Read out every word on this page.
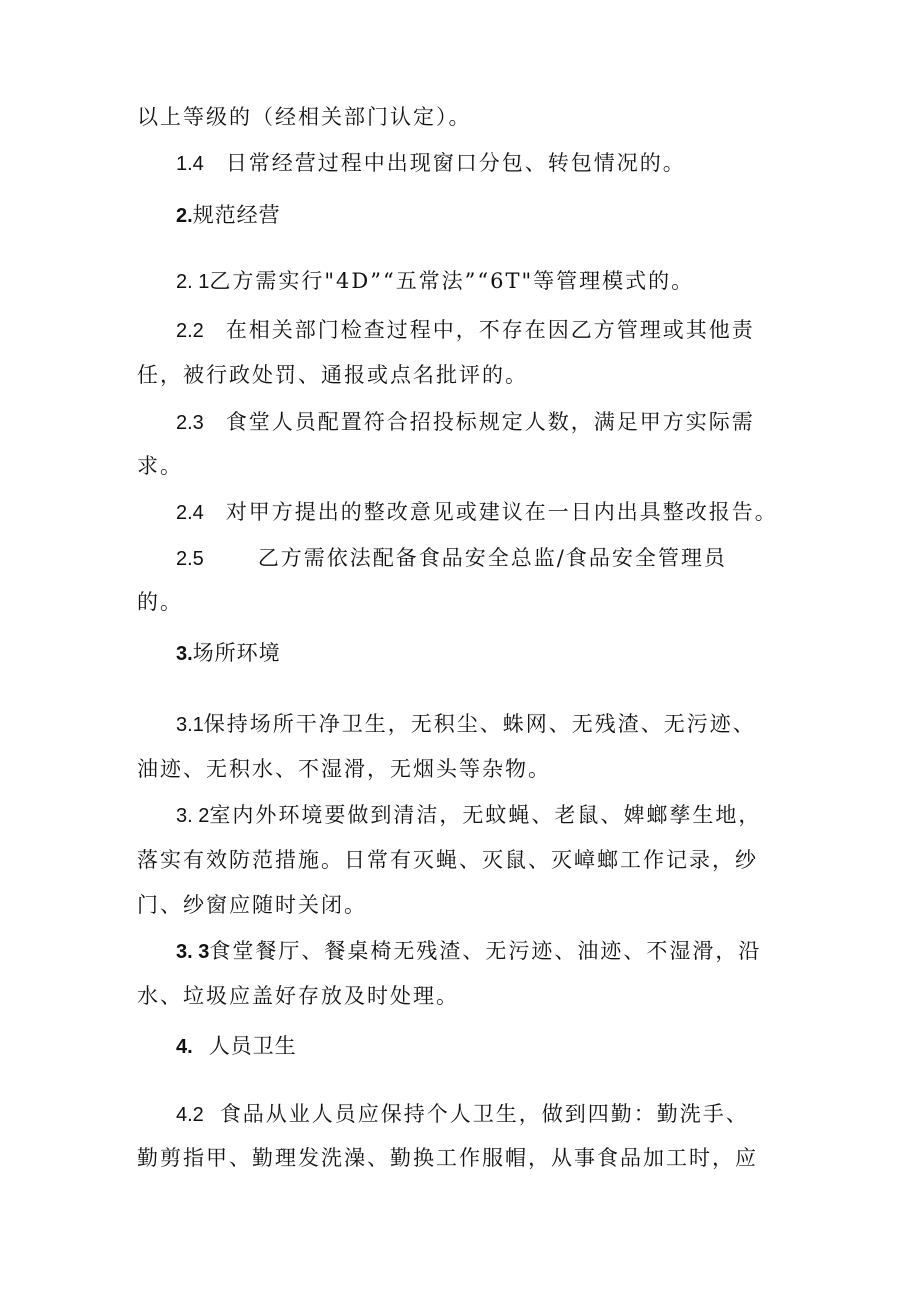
以上等级的（经相关部门认定）。
1.4 日常经营过程中出现窗口分包、转包情况的。
2.规范经营
2. 1乙方需实行"4D”“五常法”“6T"等管理模式的。
2.2 在相关部门检查过程中，不存在因乙方管理或其他责
任，被行政处罚、通报或点名批评的。
2.3 食堂人员配置符合招投标规定人数，满足甲方实际需
求。
2.4 对甲方提出的整改意见或建议在一日内出具整改报告。
2.5	乙方需依法配备食品安全总监/食品安全管理员
的。
3.场所环境
3.1保持场所干净卫生，无积尘、蛛网、无残渣、无污迹、
油迹、无积水、不湿滑，无烟头等杂物。
3. 2室内外环境要做到清洁，无蚊蝇、老鼠、婢螂孳生地，
落实有效防范措施。日常有灭蝇、灭鼠、灭嶂螂工作记录，纱
门、纱窗应随时关闭。
3. 3食堂餐厅、餐桌椅无残渣、无污迹、油迹、不湿滑，沿
水、垃圾应盖好存放及时处理。
4. 人员卫生
4.2 食品从业人员应保持个人卫生，做到四勤：勤洗手、
勤剪指甲、勤理发洗澡、勤换工作服帽，从事食品加工时，应
